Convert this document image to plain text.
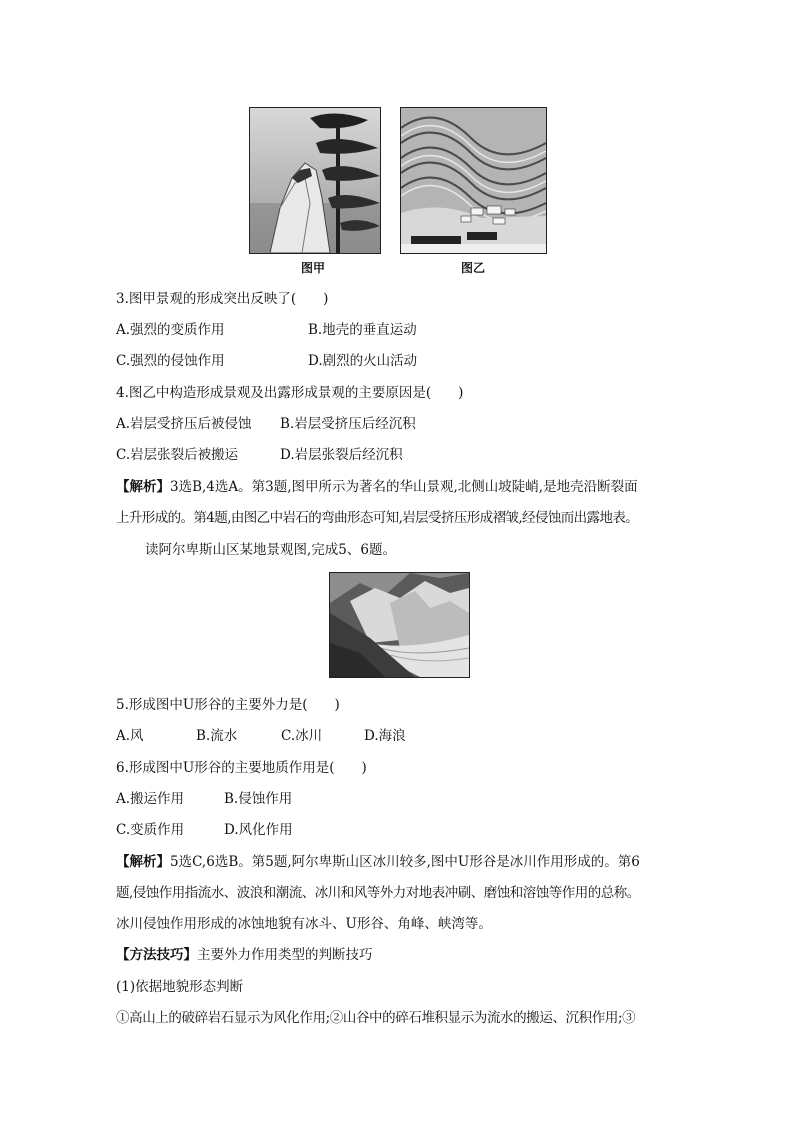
图甲	图乙
3.图甲景观的形成突出反映了(　　)
A.强烈的变质作用	B.地壳的垂直运动
C.强烈的侵蚀作用	D.剧烈的火山活动
4.图乙中构造形成景观及出露形成景观的主要原因是(　　)
A.岩层受挤压后被侵蚀 B.岩层受挤压后经沉积
C.岩层张裂后被搬运	D.岩层张裂后经沉积
【解析】3选B,4选A。第3题,图甲所示为著名的华山景观,北侧山坡陡峭,是地壳沿断裂面
上升形成的。第4题,由图乙中岩石的弯曲形态可知,岩层受挤压形成褶皱,经侵蚀而出露地表。
读阿尔卑斯山区某地景观图,完成5、6题。
5.形成图中U形谷的主要外力是(　　)
A.风	B.流水	C.冰川	D.海浪
6.形成图中U形谷的主要地质作用是(　　)
A.搬运作用	B.侵蚀作用
C.变质作用	D.风化作用
【解析】5选C,6选B。第5题,阿尔卑斯山区冰川较多,图中U形谷是冰川作用形成的。第6
题,侵蚀作用指流水、波浪和潮流、冰川和风等外力对地表冲刷、磨蚀和溶蚀等作用的总称。
冰川侵蚀作用形成的冰蚀地貌有冰斗、U形谷、角峰、峡湾等。
【方法技巧】主要外力作用类型的判断技巧
(1)依据地貌形态判断
①高山上的破碎岩石显示为风化作用;②山谷中的碎石堆积显示为流水的搬运、沉积作用;③
